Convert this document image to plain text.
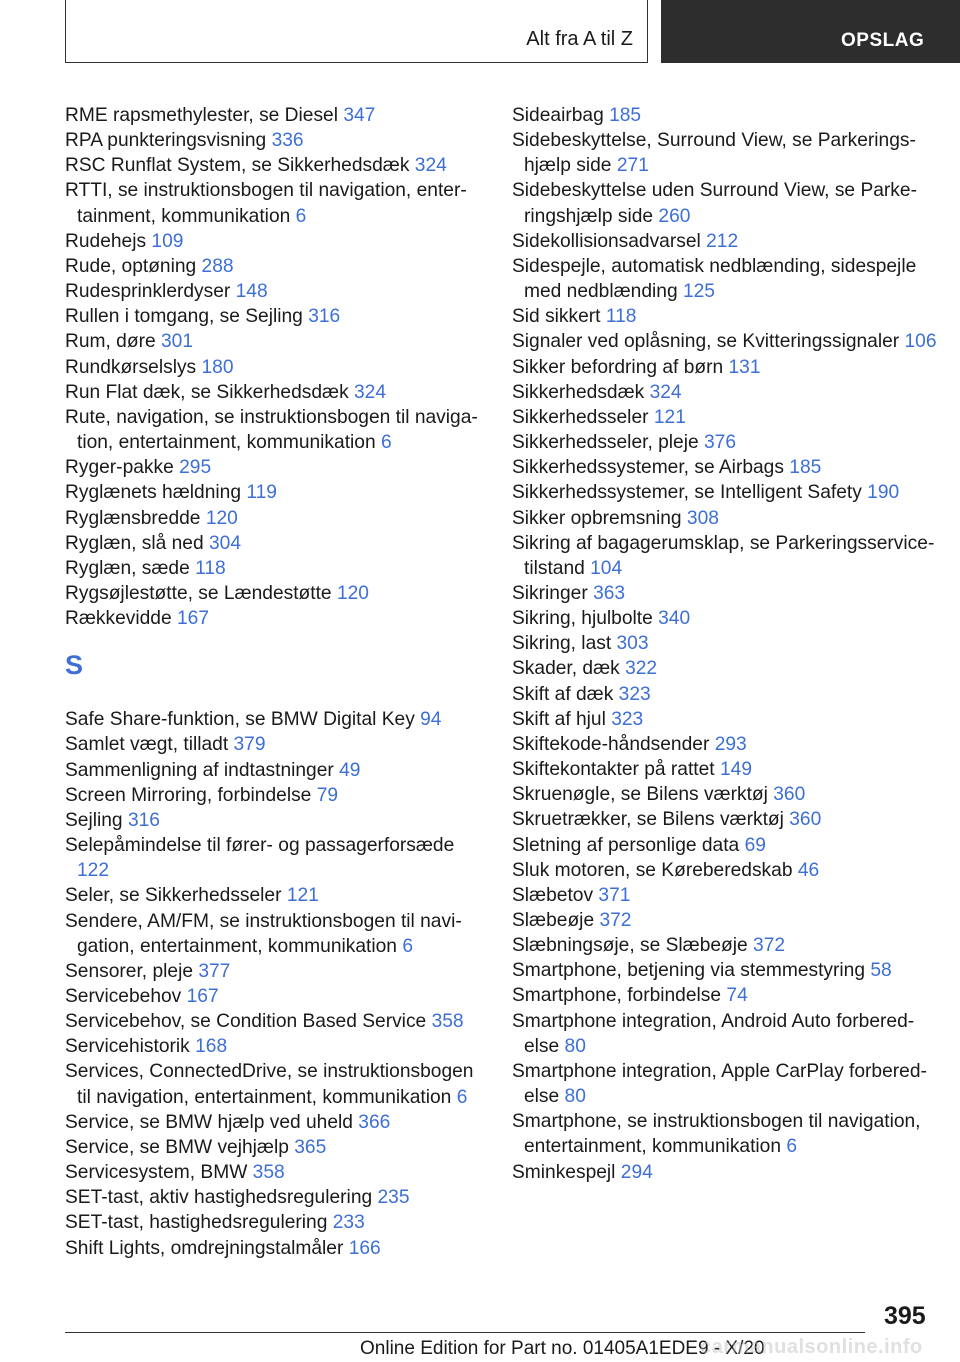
Alt fra A til Z	OPSLAG
RME rapsmethylester, se Diesel 347
RPA punkteringsvisning 336
RSC Runflat System, se Sikkerhedsdæk 324
RTTI, se instruktionsbogen til navigation, entertainment, kommunikation 6
Rudehejs 109
Rude, optøning 288
Rudesprinklerdyser 148
Rullen i tomgang, se Sejling 316
Rum, døre 301
Rundkørselslys 180
Run Flat dæk, se Sikkerhedsdæk 324
Rute, navigation, se instruktionsbogen til navigation, entertainment, kommunikation 6
Ryger-pakke 295
Ryglænets hældning 119
Ryglænsbredde 120
Ryglæn, slå ned 304
Ryglæn, sæde 118
Rygsøjlestøtte, se Lændestøtte 120
Rækkevidde 167
S
Safe Share-funktion, se BMW Digital Key 94
Samlet vægt, tilladt 379
Sammenligning af indtastninger 49
Screen Mirroring, forbindelse 79
Sejling 316
Selepåmindelse til fører- og passagerforsæde 122
Seler, se Sikkerhedsseler 121
Sendere, AM/FM, se instruktionsbogen til navigation, entertainment, kommunikation 6
Sensorer, pleje 377
Servicebehov 167
Servicebehov, se Condition Based Service 358
Servicehistorik 168
Services, ConnectedDrive, se instruktionsbogen til navigation, entertainment, kommunikation 6
Service, se BMW hjælp ved uheld 366
Service, se BMW vejhjælp 365
Servicesystem, BMW 358
SET-tast, aktiv hastighedsregulering 235
SET-tast, hastighedsregulering 233
Shift Lights, omdrejningstalmåler 166
Sideairbag 185
Sidebeskyttelse, Surround View, se Parkeringshjælp side 271
Sidebeskyttelse uden Surround View, se Parkeringshjælp side 260
Sidekollisionsadvarsel 212
Sidespejle, automatisk nedblænding, sidespejle med nedblænding 125
Sid sikkert 118
Signaler ved oplåsning, se Kvitteringssignaler 106
Sikker befordring af børn 131
Sikkerhedsdæk 324
Sikkerhedsseler 121
Sikkerhedsseler, pleje 376
Sikkerhedssystemer, se Airbags 185
Sikkerhedssystemer, se Intelligent Safety 190
Sikker opbremsning 308
Sikring af bagagerumsklap, se Parkeringsservicetilstand 104
Sikringer 363
Sikring, hjulbolte 340
Sikring, last 303
Skader, dæk 322
Skift af dæk 323
Skift af hjul 323
Skiftekode-håndsender 293
Skiftekontakter på rattet 149
Skruenøgle, se Bilens værktøj 360
Skruetrækker, se Bilens værktøj 360
Sletning af personlige data 69
Sluk motoren, se Køreberedskab 46
Slæbetov 371
Slæbeøje 372
Slæbningsøje, se Slæbeøje 372
Smartphone, betjening via stemmestyring 58
Smartphone, forbindelse 74
Smartphone integration, Android Auto forberedelse 80
Smartphone integration, Apple CarPlay forberedelse 80
Smartphone, se instruktionsbogen til navigation, entertainment, kommunikation 6
Sminkespejl 294
395
Online Edition for Part no. 01405A1EDE9 - X/20
carmanualsonline.info
